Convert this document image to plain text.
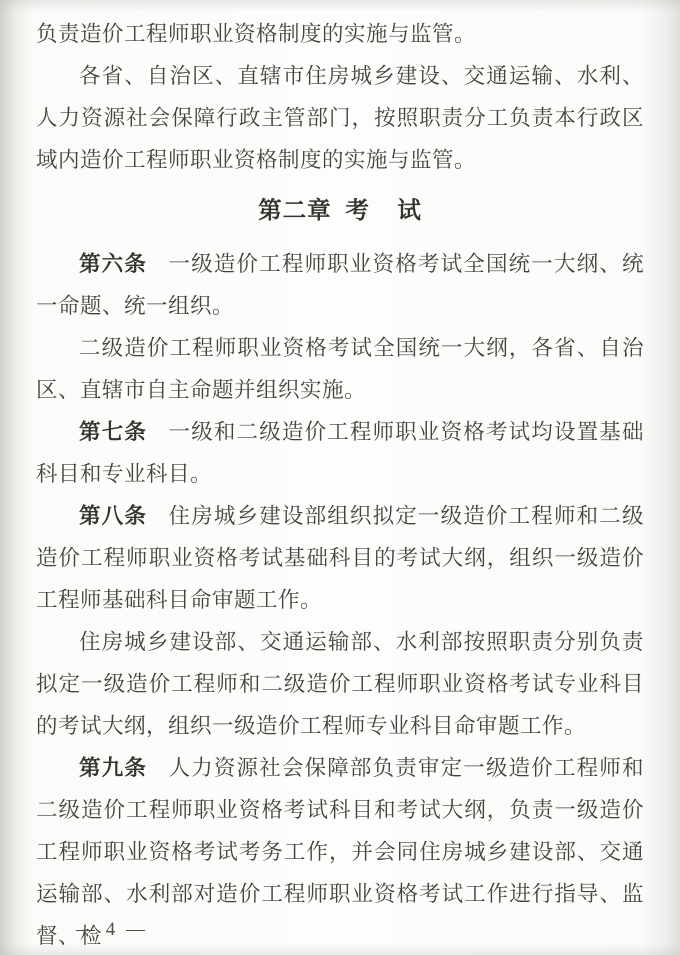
负责造价工程师职业资格制度的实施与监管。

各省、自治区、直辖市住房城乡建设、交通运输、水利、人力资源社会保障行政主管部门，按照职责分工负责本行政区域内造价工程师职业资格制度的实施与监管。

第二章  考    试

第六条 一级造价工程师职业资格考试全国统一大纲、统一命题、统一组织。

二级造价工程师职业资格考试全国统一大纲，各省、自治区、直辖市自主命题并组织实施。

第七条 一级和二级造价工程师职业资格考试均设置基础科目和专业科目。

第八条 住房城乡建设部组织拟定一级造价工程师和二级造价工程师职业资格考试基础科目的考试大纲，组织一级造价工程师基础科目命审题工作。

住房城乡建设部、交通运输部、水利部按照职责分别负责拟定一级造价工程师和二级造价工程师职业资格考试专业科目的考试大纲，组织一级造价工程师专业科目命审题工作。

第九条 人力资源社会保障部负责审定一级造价工程师和二级造价工程师职业资格考试科目和考试大纲，负责一级造价工程师职业资格考试考务工作，并会同住房城乡建设部、交通运输部、水利部对造价工程师职业资格考试工作进行指导、监督、检

— 4 —
